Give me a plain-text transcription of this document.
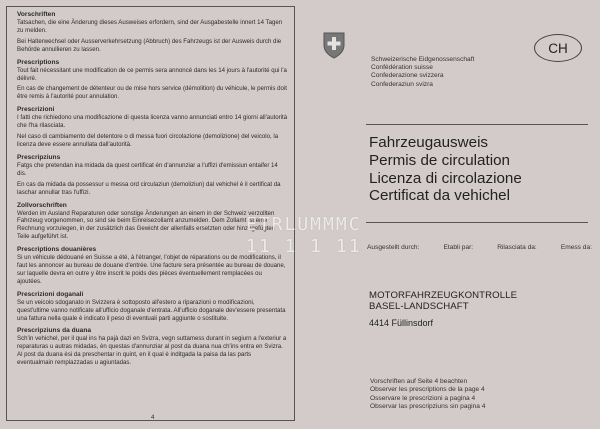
Vorschriften

Tatsachen, die eine Änderung dieses Ausweises erfordern, sind der Ausgabestelle innert 14 Tagen zu melden.

Bei Halterwechsel oder Ausserverkehrsetzung (Abbruch) des Fahrzeugs ist der Ausweis durch die Behörde annullieren zu lassen.

Prescriptions

Tout fait nécessitant une modification de ce permis sera annoncé dans les 14 jours à l'autorité qui l'a délivré.

En cas de changement de détenteur ou de mise hors service (démolition) du véhicule, le permis doit être remis à l'autorité pour annulation.

Prescrizioni

I fatti che richiedono una modificazione di questa licenza vanno annunciati entro 14 giorni all'autorità che l'ha rilasciata.

Nel caso di cambiamento del detentore o di messa fuori circolazione (demolizione) del veicolo, la licenza deve essere annullata dall'autorità.

Prescripziuns

Fatgs che pretendan ina midada da quest certificat én d'annunziar a l'uffizi d'emissiun entaifer 14 dis.

En cas da midada da possessur u messa ord circulaziun (demoliziun) dal vehichel è il certificat da laschar annullar tras l'uffizi.

Zollvorschriften

Werden im Ausland Reparaturen oder sonstige Änderungen an einem in der Schweiz verzollten Fahrzeug vorgenommen, so sind sie beim Einreisezollamt anzumelden. Dem Zollamt ist eine Rechnung vorzulegen, in der zusätzlich das Gewicht der allenfalls ersetzten oder hinzugefügten Teile aufgeführt ist.

Prescriptions douanières

Si un véhicule dédouané en Suisse a été, à l'étranger, l'objet de réparations ou de modifications, il faut les annoncer au bureau de douane d'entrée. Une facture sera présentée au bureau de douane, sur laquelle devra en outre y être inscrit le poids des pièces éventuellement remplacées ou ajoutées.

Prescrizioni doganali

Se un veicolo sdoganato in Svizzera è sottoposto all'estero a riparazioni o modificazioni, quest'ultime vanno notificate all'ufficio doganale d'entrata. All'ufficio doganale dev'essere presentata una fattura nella quale è indicato il peso di eventuali parti aggiunte o sostituite.

Prescripziuns da duana

Sch'in vehichel, per il qual ins ha pajà dazi en Svizra, vegn suttamess durant in segiurn a l'exteriur a reparaturas u autras midadas, èn questas d'annunziar al post da duana nua ch'ins entra en Svizra. Al post da duana èsi da preschentar in quint, en il qual è inditgada la paisa da las parts eventualmain remplazzadas u agiuntadas.

4
Schweizerische Eidgenossenschaft
Confédération suisse
Confederazione svizzera
Confederaziun svizra
CH
Fahrzeugausweis
Permis de circulation
Licenza di circolazione
Certificat da vehichel
Ausgestellt durch:	Etabli par:	Rilasciata da:	Emess da:
MOTORFAHRZEUGKONTROLLE
BASEL-LANDSCHAFT
4414 Füllinsdorf
Vorschriften auf Seite 4 beachten
Observer les prescriptions de la page 4
Osservare le prescrizioni a pagina 4
Observar las prescripziuns sin pagina 4
ETRLUMMMC
11 1 1 11
